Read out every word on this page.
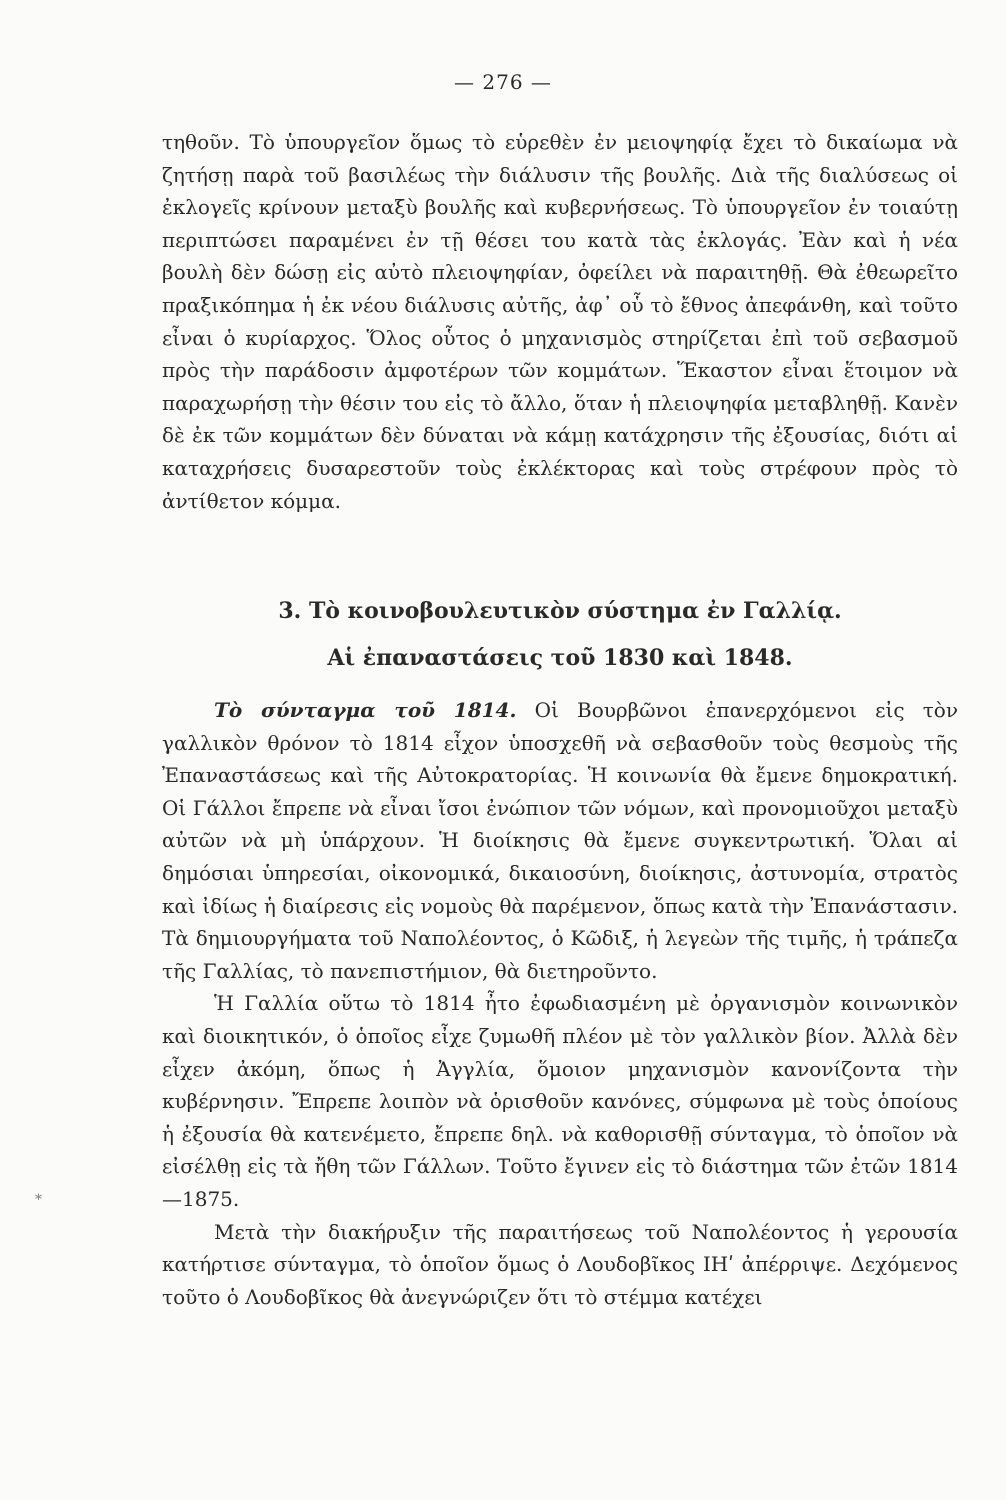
— 276 —

τηθοῦν. Τὸ ὑπουργεῖον ὅμως τὸ εὑρεθὲν ἐν μειοψηφίᾳ ἔχει τὸ δικαίωμα νὰ ζητήσῃ παρὰ τοῦ βασιλέως τὴν διάλυσιν τῆς βουλῆς. Διὰ τῆς διαλύσεως οἱ ἐκλογεῖς κρίνουν μεταξὺ βουλῆς καὶ κυβερνήσεως. Τὸ ὑπουργεῖον ἐν τοιαύτῃ περιπτώσει παραμένει ἐν τῇ θέσει του κατὰ τὰς ἐκλογάς. Ἐὰν καὶ ἡ νέα βουλὴ δὲν δώσῃ εἰς αὐτὸ πλειοψηφίαν, ὀφείλει νὰ παραιτηθῇ. Θὰ ἐθεωρεῖτο πραξικόπημα ἡ ἐκ νέου διάλυσις αὐτῆς, ἀφ᾽ οὗ τὸ ἔθνος ἀπεφάνθη, καὶ τοῦτο εἶναι ὁ κυρίαρχος. Ὅλος οὗτος ὁ μηχανισμὸς στηρίζεται ἐπὶ τοῦ σεβασμοῦ πρὸς τὴν παράδοσιν ἀμφοτέρων τῶν κομμάτων. Ἕκαστον εἶναι ἕτοιμον νὰ παραχωρήσῃ τὴν θέσιν του εἰς τὸ ἄλλο, ὅταν ἡ πλειοψηφία μεταβληθῇ. Κανὲν δὲ ἐκ τῶν κομμάτων δὲν δύναται νὰ κάμῃ κατάχρησιν τῆς ἐξουσίας, διότι αἱ καταχρήσεις δυσαρεστοῦν τοὺς ἐκλέκτορας καὶ τοὺς στρέφουν πρὸς τὸ ἀντίθετον κόμμα.

3. Τὸ κοινοβουλευτικὸν σύστημα ἐν Γαλλίᾳ.
Αἱ ἐπαναστάσεις τοῦ 1830 καὶ 1848.

Τὸ σύνταγμα τοῦ 1814. Οἱ Βουρβῶνοι ἐπανερχόμενοι εἰς τὸν γαλλικὸν θρόνον τὸ 1814 εἶχον ὑποσχεθῆ νὰ σεβασθοῦν τοὺς θεσμοὺς τῆς Ἐπαναστάσεως καὶ τῆς Αὐτοκρατορίας. Ἡ κοινωνία θὰ ἔμενε δημοκρατική. Οἱ Γάλλοι ἔπρεπε νὰ εἶναι ἴσοι ἐνώπιον τῶν νόμων, καὶ προνομιοῦχοι μεταξὺ αὐτῶν νὰ μὴ ὑπάρχουν. Ἡ διοίκησις θὰ ἔμενε συγκεντρωτική. Ὅλαι αἱ δημόσιαι ὑπηρεσίαι, οἰκονομικά, δικαιοσύνη, διοίκησις, ἀστυνομία, στρατὸς καὶ ἰδίως ἡ διαίρεσις εἰς νομοὺς θὰ παρέμενον, ὅπως κατὰ τὴν Ἐπανάστασιν. Τὰ δημιουργήματα τοῦ Ναπολέοντος, ὁ Κῶδιξ, ἡ λεγεὼν τῆς τιμῆς, ἡ τράπεζα τῆς Γαλλίας, τὸ πανεπιστήμιον, θὰ διετηροῦντο.

Ἡ Γαλλία οὕτω τὸ 1814 ἦτο ἐφωδιασμένη μὲ ὀργανισμὸν κοινωνικὸν καὶ διοικητικόν, ὁ ὁποῖος εἶχε ζυμωθῆ πλέον μὲ τὸν γαλλικὸν βίον. Ἀλλὰ δὲν εἶχεν ἀκόμη, ὅπως ἡ Ἀγγλία, ὅμοιον μηχανισμὸν κανονίζοντα τὴν κυβέρνησιν. Ἔπρεπε λοιπὸν νὰ ὁρισθοῦν κανόνες, σύμφωνα μὲ τοὺς ὁποίους ἡ ἐξουσία θὰ κατενέμετο, ἔπρεπε δηλ. νὰ καθορισθῇ σύνταγμα, τὸ ὁποῖον νὰ εἰσέλθῃ εἰς τὰ ἤθη τῶν Γάλλων. Τοῦτο ἔγινεν εἰς τὸ διάστημα τῶν ἐτῶν 1814—1875.

Μετὰ τὴν διακήρυξιν τῆς παραιτήσεως τοῦ Ναπολέοντος ἡ γερουσία κατήρτισε σύνταγμα, τὸ ὁποῖον ὅμως ὁ Λουδοβῖκος ΙΗʹ ἀπέρριψε. Δεχόμενος τοῦτο ὁ Λουδοβῖκος θὰ ἀνεγνώριζεν ὅτι τὸ στέμμα κατέχει

*
